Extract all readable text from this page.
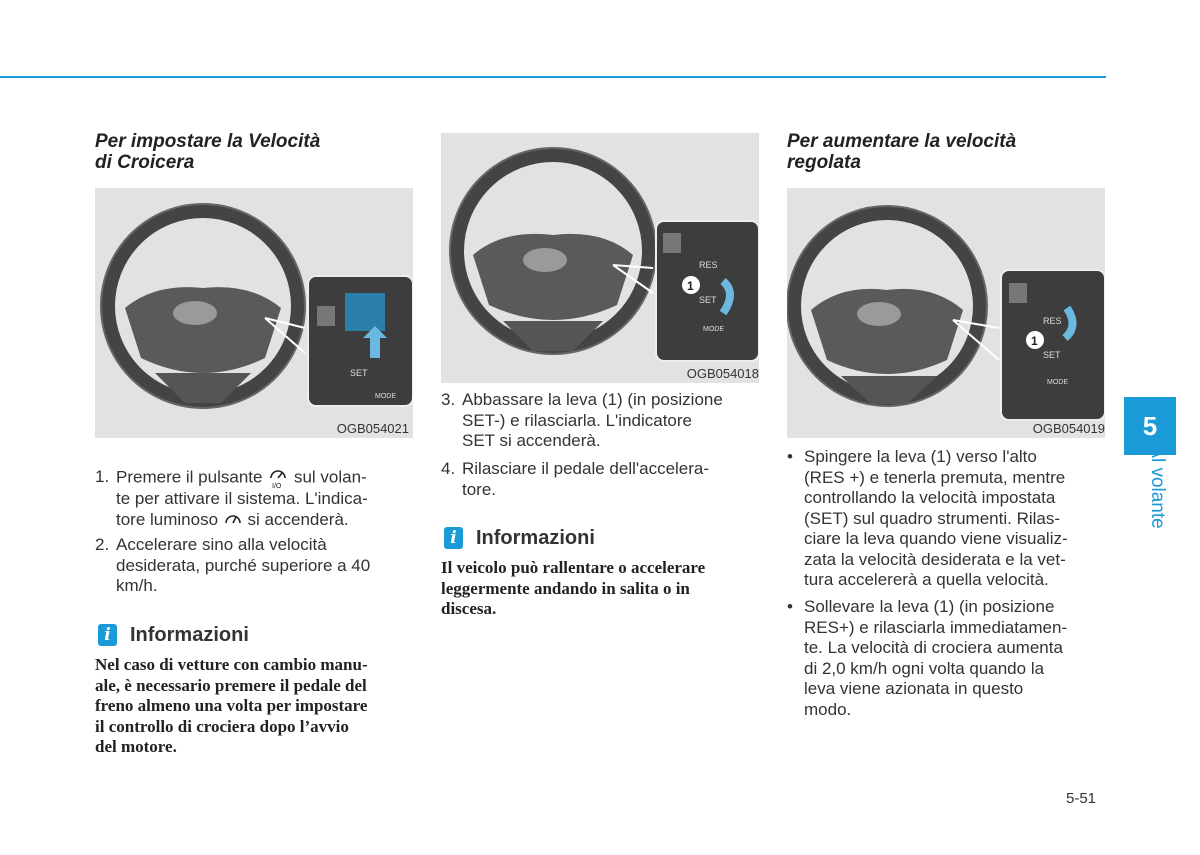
Per impostare la Velocità
di Croicera
SET
MODE
OGB054021
1. Premere il pulsante
I/O
sul volan-
te per attivare il sistema. L'indica-
tore luminoso si accenderà.
2. Accelerare sino alla velocità
desiderata, purché superiore a 40
km/h.
i Informazioni
Nel caso di vetture con cambio manu-
ale, è necessario premere il pedale del
freno almeno una volta per impostare
il controllo di crociera dopo l’avvio
del motore.
RES
SET
1
MODE
OGB054018
3. Abbassare la leva (1) (in posizione
SET-) e rilasciarla. L'indicatore
SET si accenderà.
4. Rilasciare il pedale dell'accelera-
tore.
i Informazioni
Il veicolo può rallentare o accelerare
leggermente andando in salita o in
discesa.
Per aumentare la velocità
regolata
RES
SET
1
MODE
OGB054019
• Spingere la leva (1) verso l'alto
(RES +) e tenerla premuta, mentre
controllando la velocità impostata
(SET) sul quadro strumenti. Rilas-
ciare la leva quando viene visualiz-
zata la velocità desiderata e la vet-
tura accelererà a quella velocità.
• Sollevare la leva (1) (in posizione
RES+) e rilasciarla immediatamen-
te. La velocità di crociera aumenta
di 2,0 km/h ogni volta quando la
leva viene azionata in questo
modo.
5
Al volante
5-51
